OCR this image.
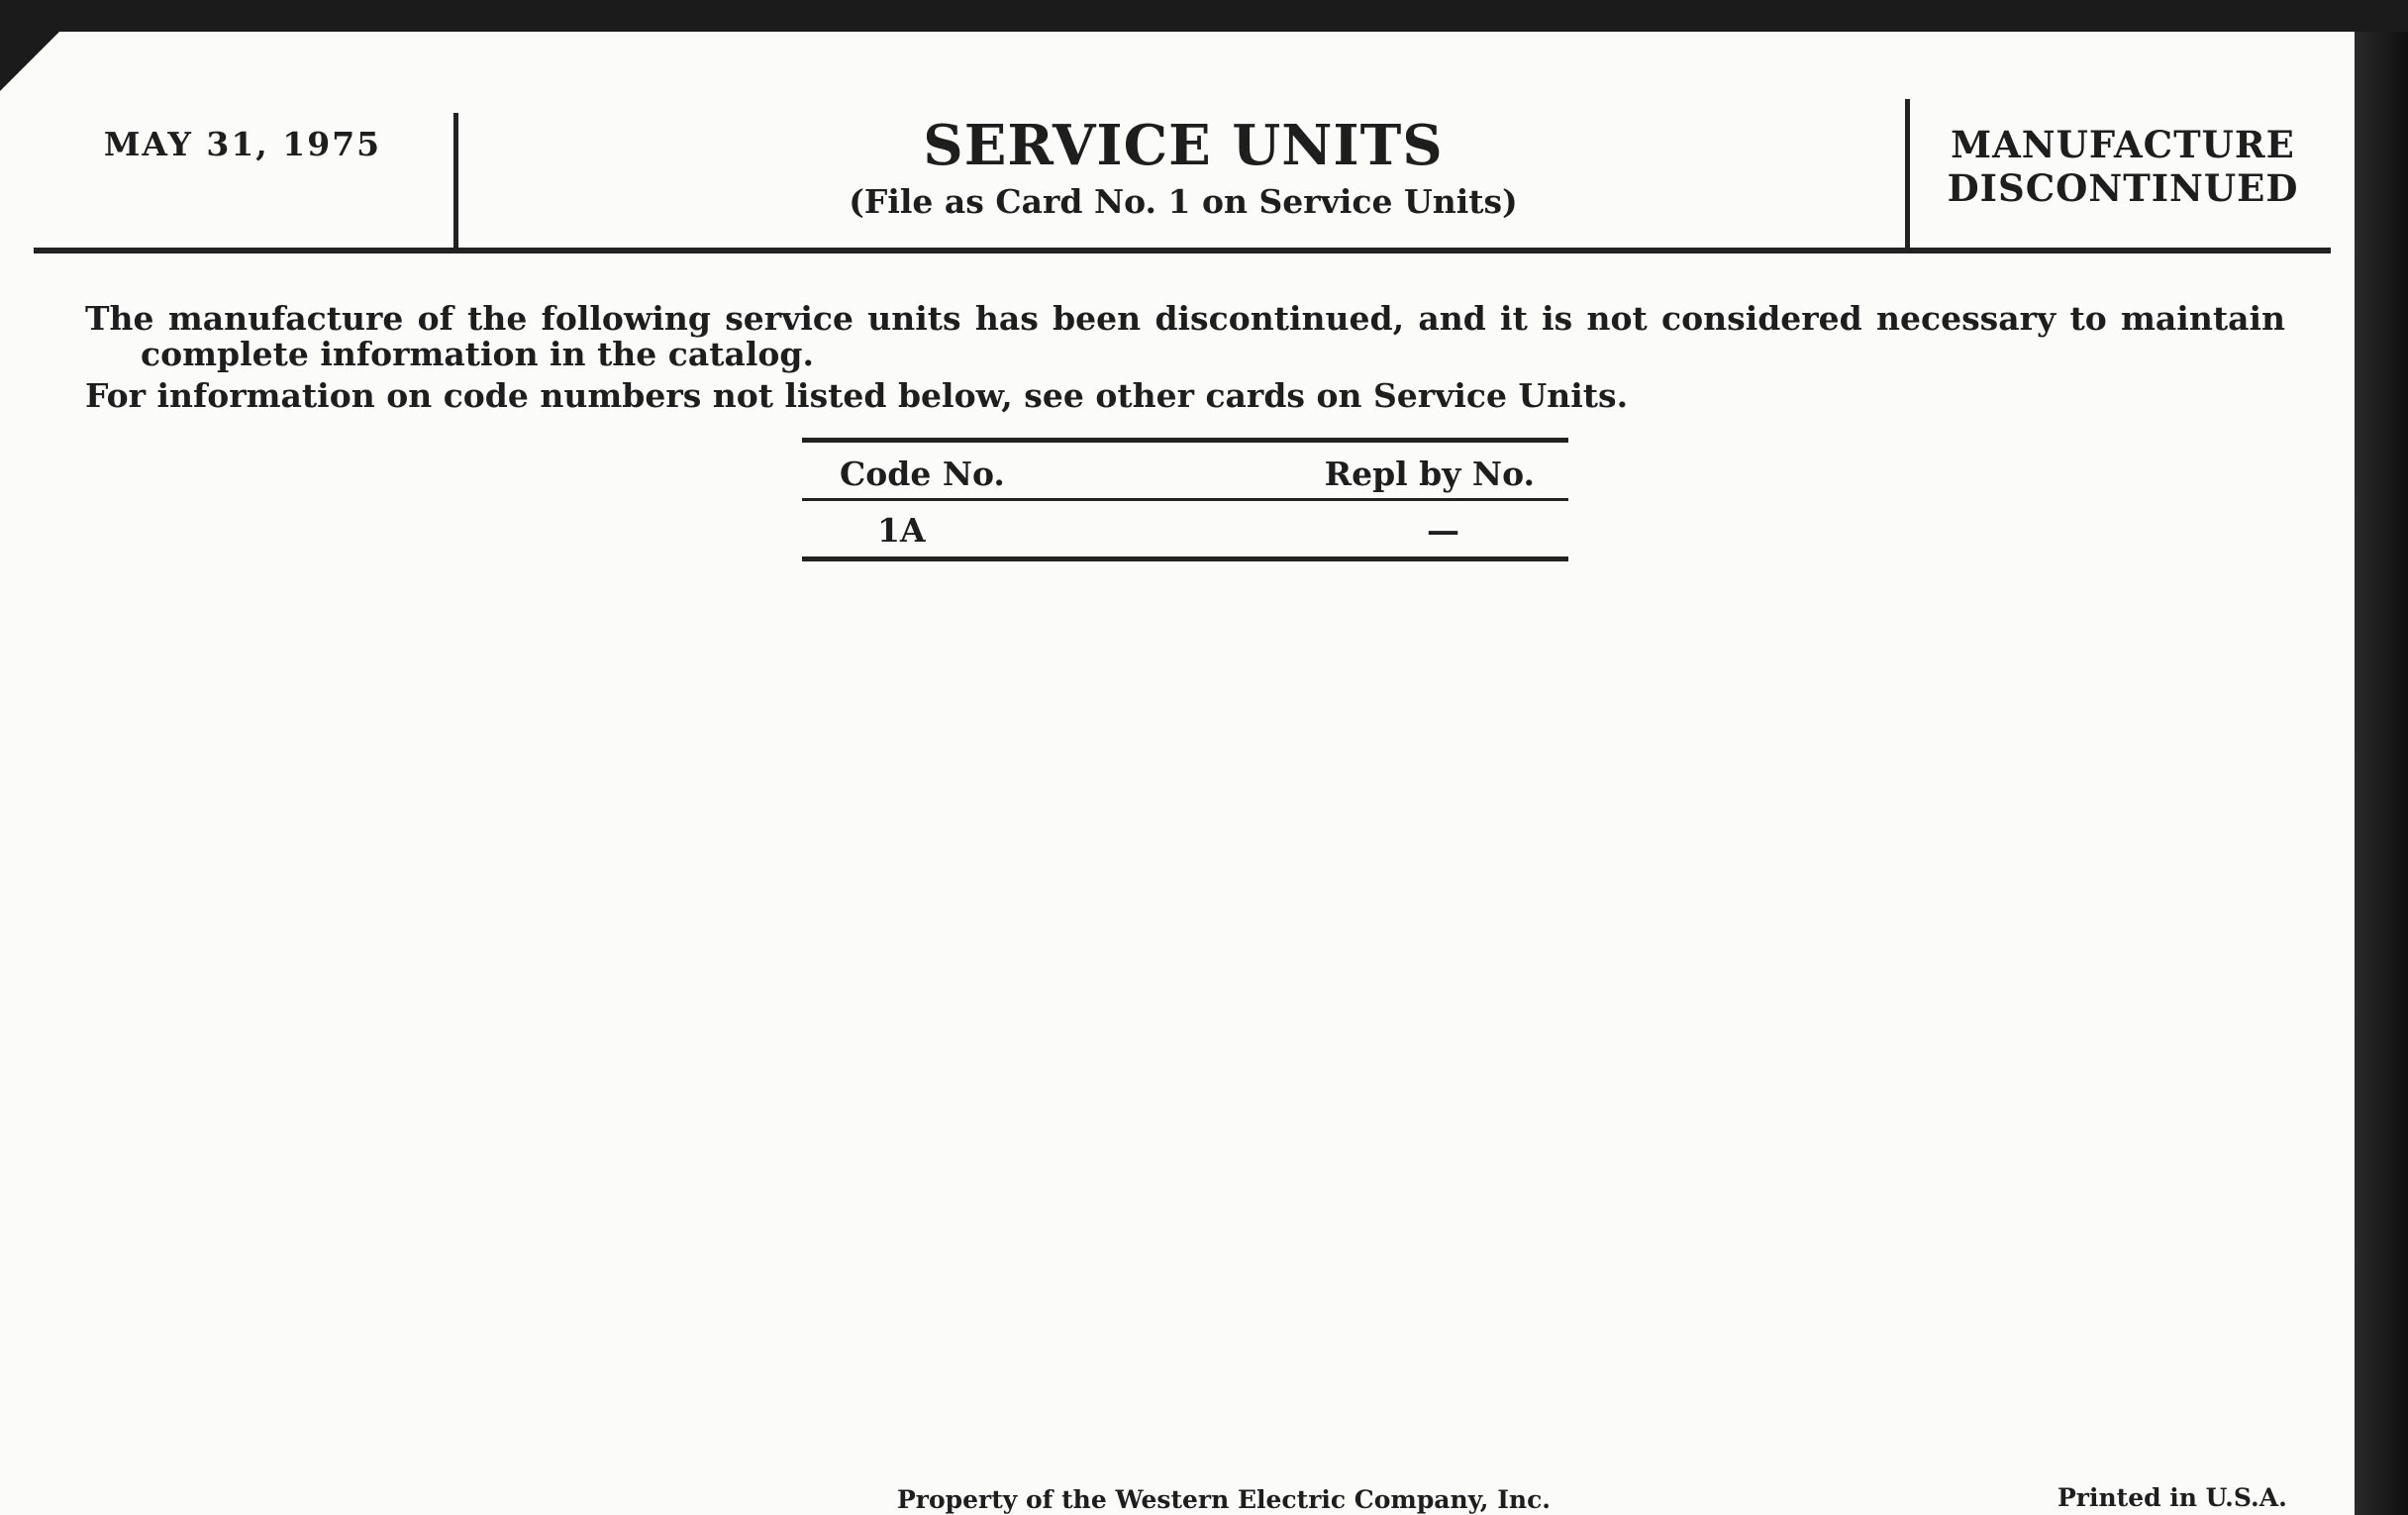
MAY 31, 1975	SERVICE UNITS
(File as Card No. 1 on Service Units)
MANUFACTURE
DISCONTINUED
The manufacture of the following service units has been discontinued, and it is not considered necessary to maintain complete information in the catalog.
For information on code numbers not listed below, see other cards on Service Units.
Code No.	Repl by No.
1A	—
Property of the Western Electric Company, Inc.	Printed in U.S.A.
